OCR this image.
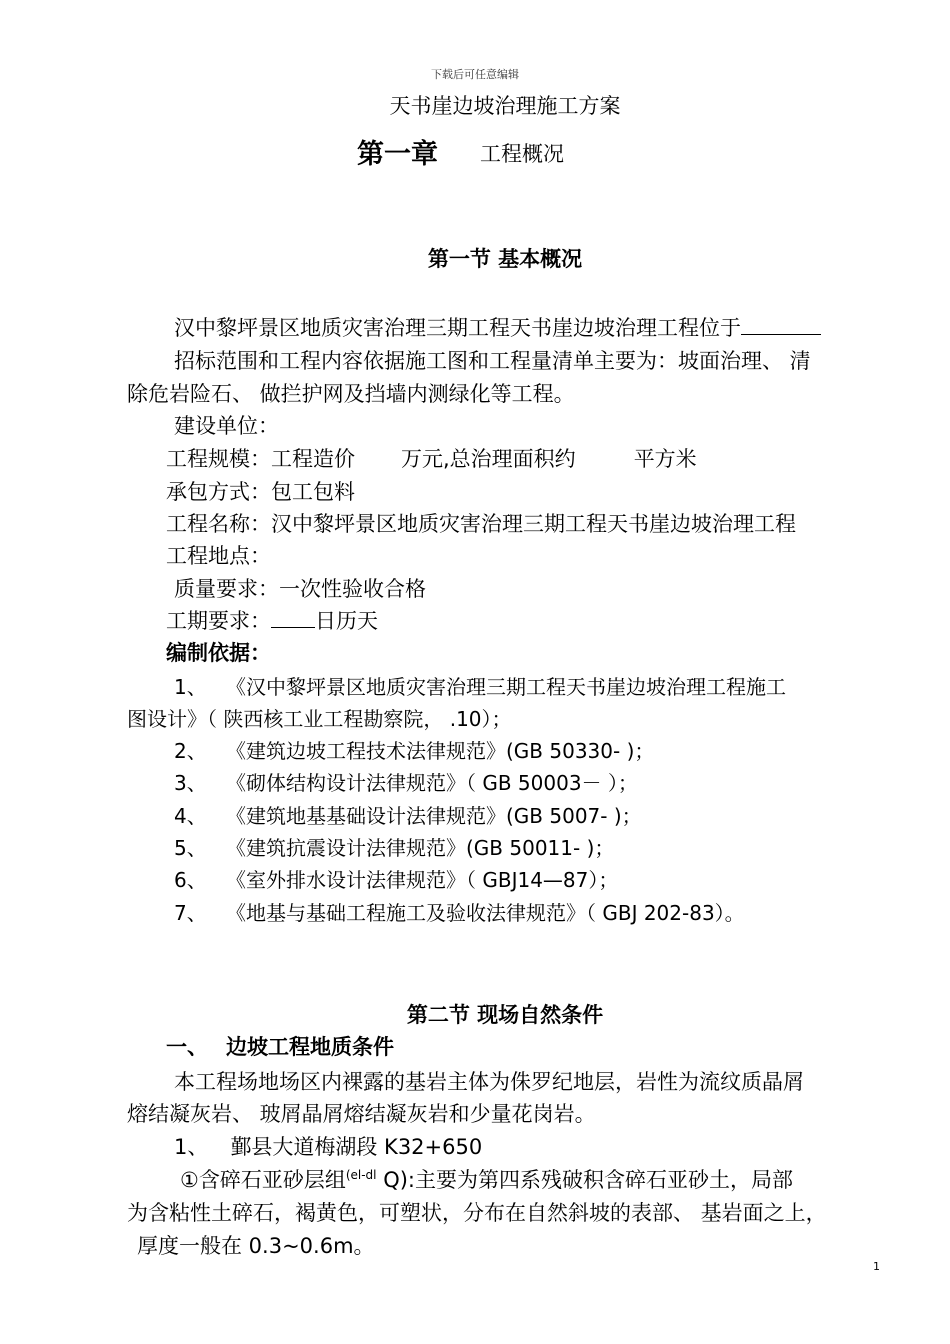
下载后可任意编辑
天书崖边坡治理施工方案
第一章 工程概况
第一节 基本概况
汉中黎坪景区地质灾害治理三期工程天书崖边坡治理工程位于
招标范围和工程内容依据施工图和工程量清单主要为：坡面治理、 清
除危岩险石、 做拦护网及挡墙内测绿化等工程。
建设单位：
工程规模：工程造价 万元,总治理面积约	平方米
承包方式：包工包料
工程名称：汉中黎坪景区地质灾害治理三期工程天书崖边坡治理工程
工程地点：
质量要求：一次性验收合格
工期要求： 日历天
编制依据：
1、 《汉中黎坪景区地质灾害治理三期工程天书崖边坡治理工程施工
图设计》（ 陕西核工业工程勘察院， .10）；
2、 《建筑边坡工程技术法律规范》(GB 50330- )；
3、 《砌体结构设计法律规范》（ GB 50003－ ）；
4、 《建筑地基基础设计法律规范》(GB 5007- )；
5、 《建筑抗震设计法律规范》(GB 50011- )；
6、 《室外排水设计法律规范》（ GBJ14—87）；
7、 《地基与基础工程施工及验收法律规范》（ GBJ 202-83）。
第二节 现场自然条件
一、 边坡工程地质条件
本工程场地场区内裸露的基岩主体为侏罗纪地层，岩性为流纹质晶屑
熔结凝灰岩、 玻屑晶屑熔结凝灰岩和少量花岗岩。
1、 鄞县大道梅湖段 K32+650
①含碎石亚砂层组$^{(el-dl}$ Q):主要为第四系残破积含碎石亚砂土，局部
为含粘性土碎石，褐黄色，可塑状，分布在自然斜坡的表部、 基岩面之上，
厚度一般在 0.3~0.6m。
1
